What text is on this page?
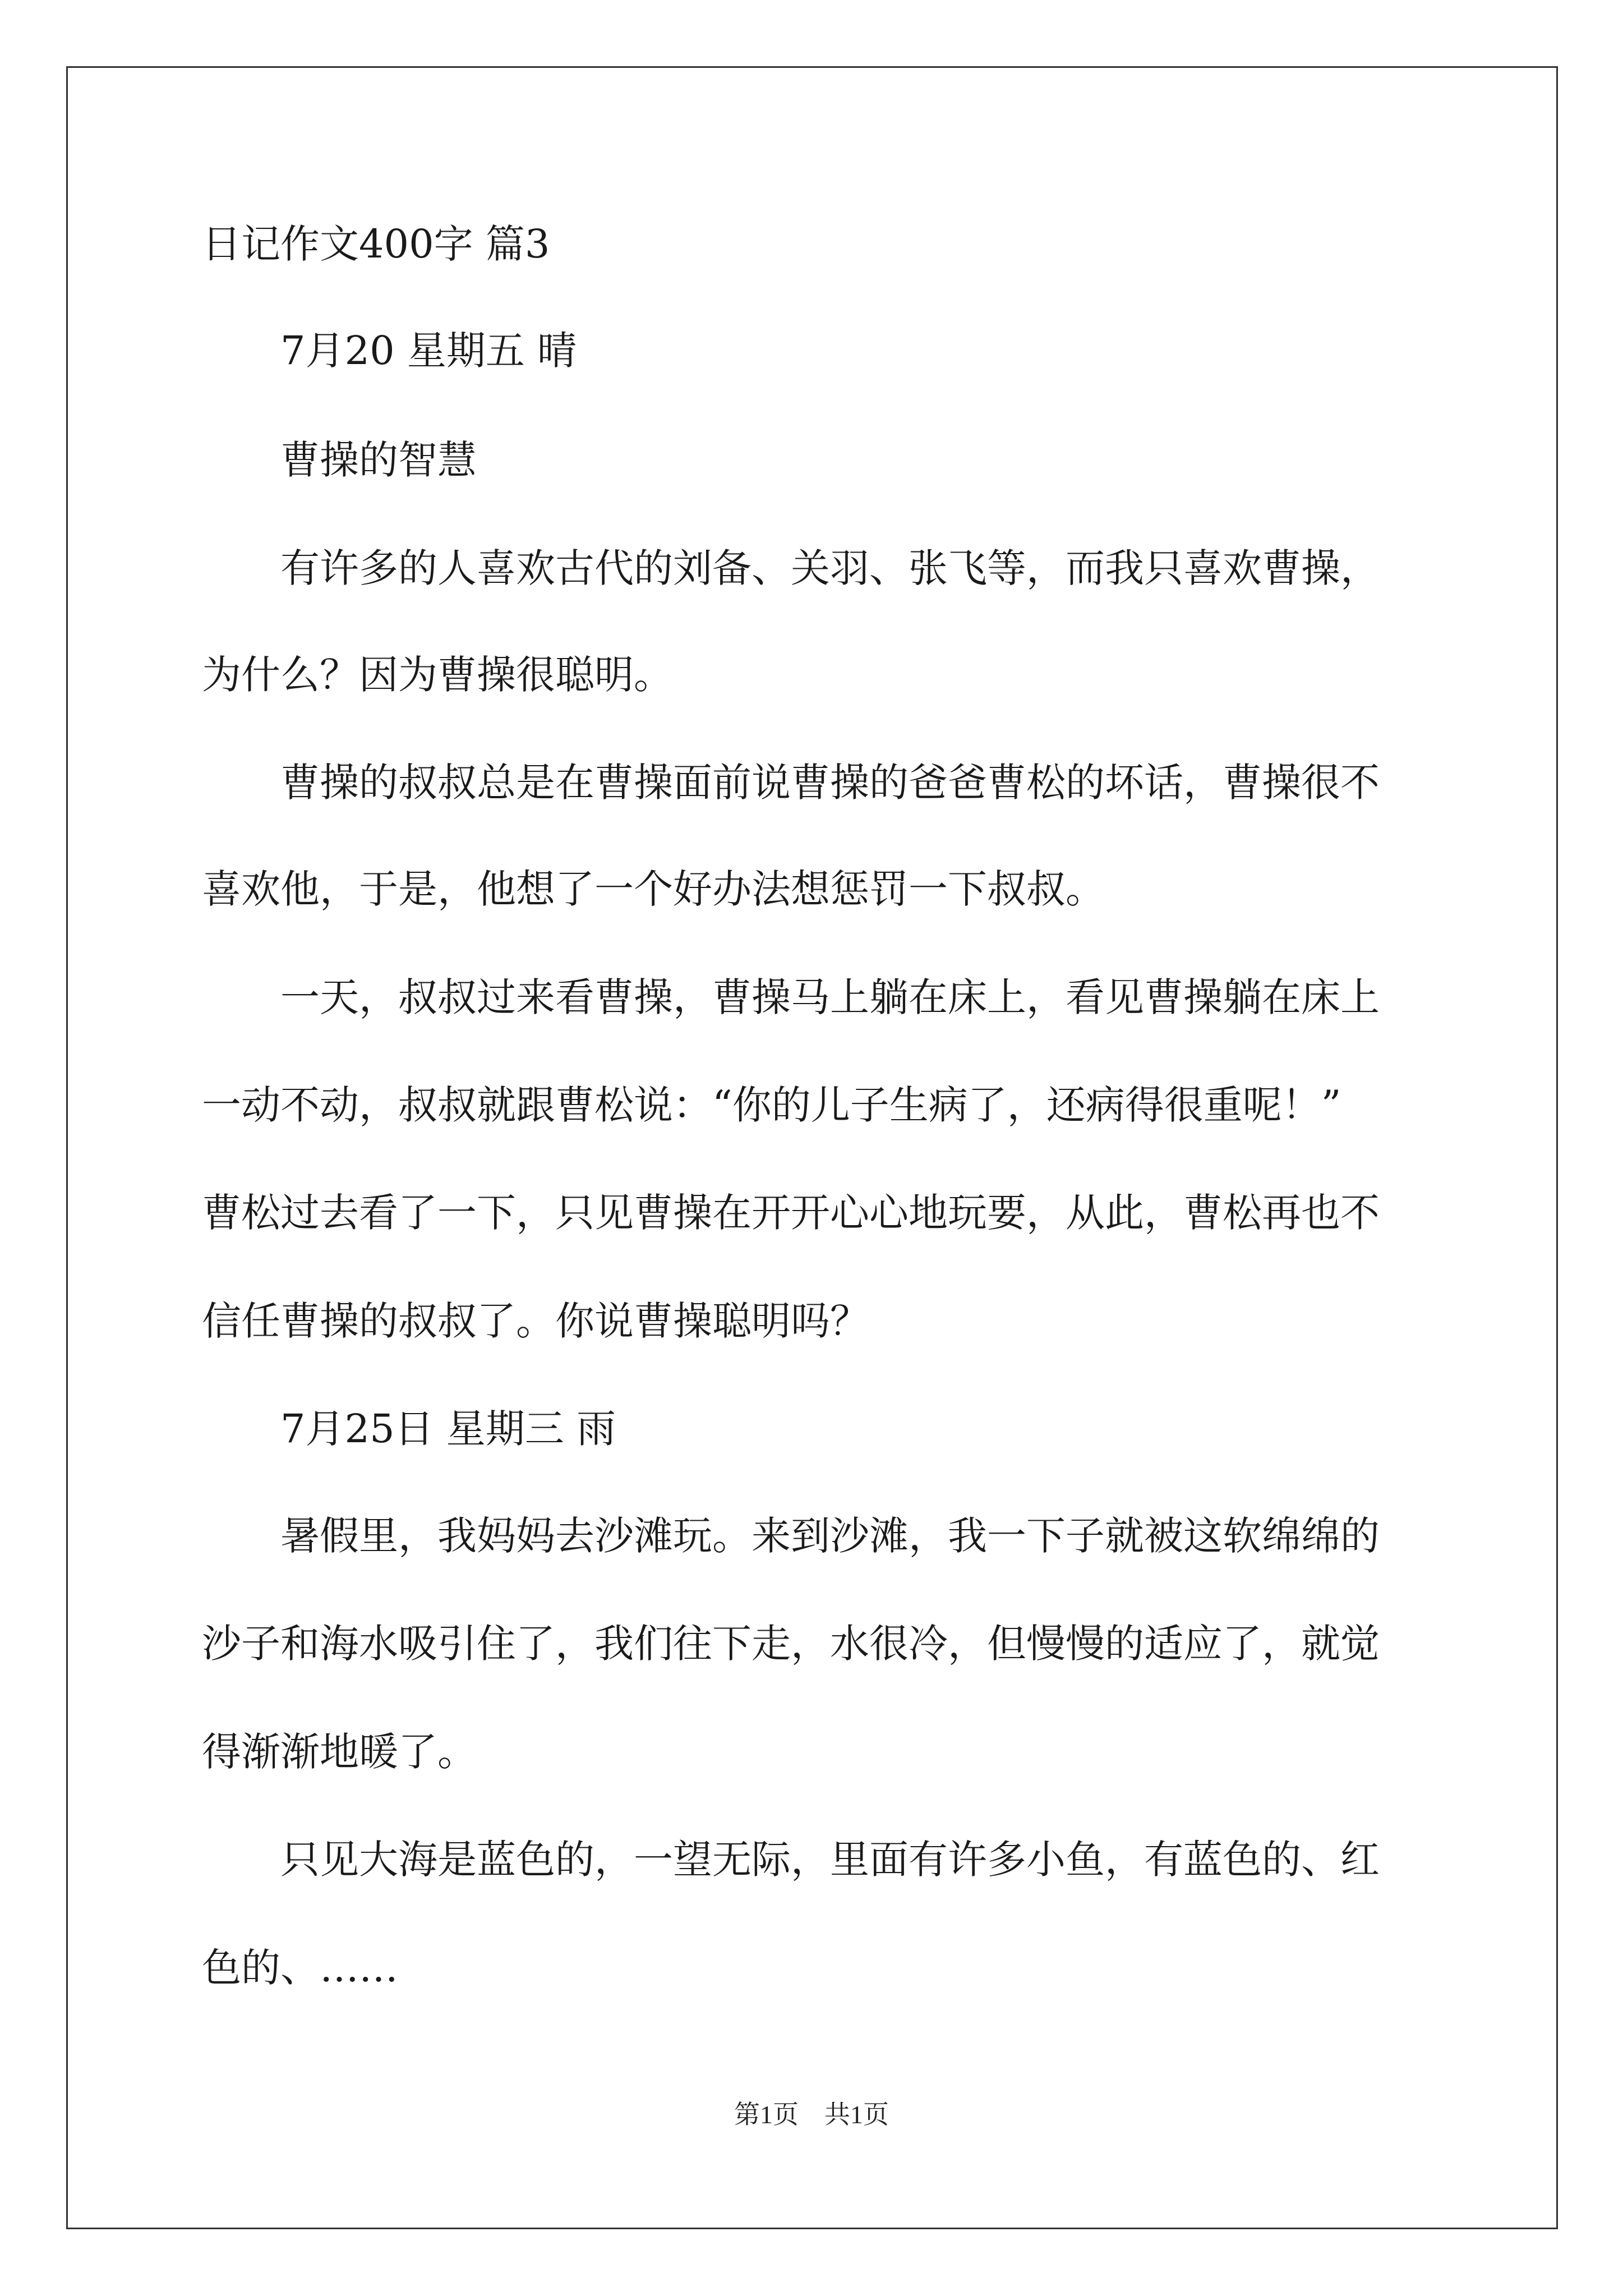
日记作文400字 篇3
7月20 星期五 晴
曹操的智慧
有许多的人喜欢古代的刘备、关羽、张飞等，而我只喜欢曹操，
为什么？因为曹操很聪明。
曹操的叔叔总是在曹操面前说曹操的爸爸曹松的坏话，曹操很不
喜欢他，于是，他想了一个好办法想惩罚一下叔叔。
一天，叔叔过来看曹操，曹操马上躺在床上，看见曹操躺在床上
一动不动，叔叔就跟曹松说：“你的儿子生病了，还病得很重呢！”
曹松过去看了一下，只见曹操在开开心心地玩要，从此，曹松再也不
信任曹操的叔叔了。你说曹操聪明吗？
7月25日 星期三 雨
暑假里，我妈妈去沙滩玩。来到沙滩，我一下子就被这软绵绵的
沙子和海水吸引住了，我们往下走，水很冷，但慢慢的适应了，就觉
得渐渐地暖了。
只见大海是蓝色的，一望无际，里面有许多小鱼，有蓝色的、红
色的、……
第1页　共1页
